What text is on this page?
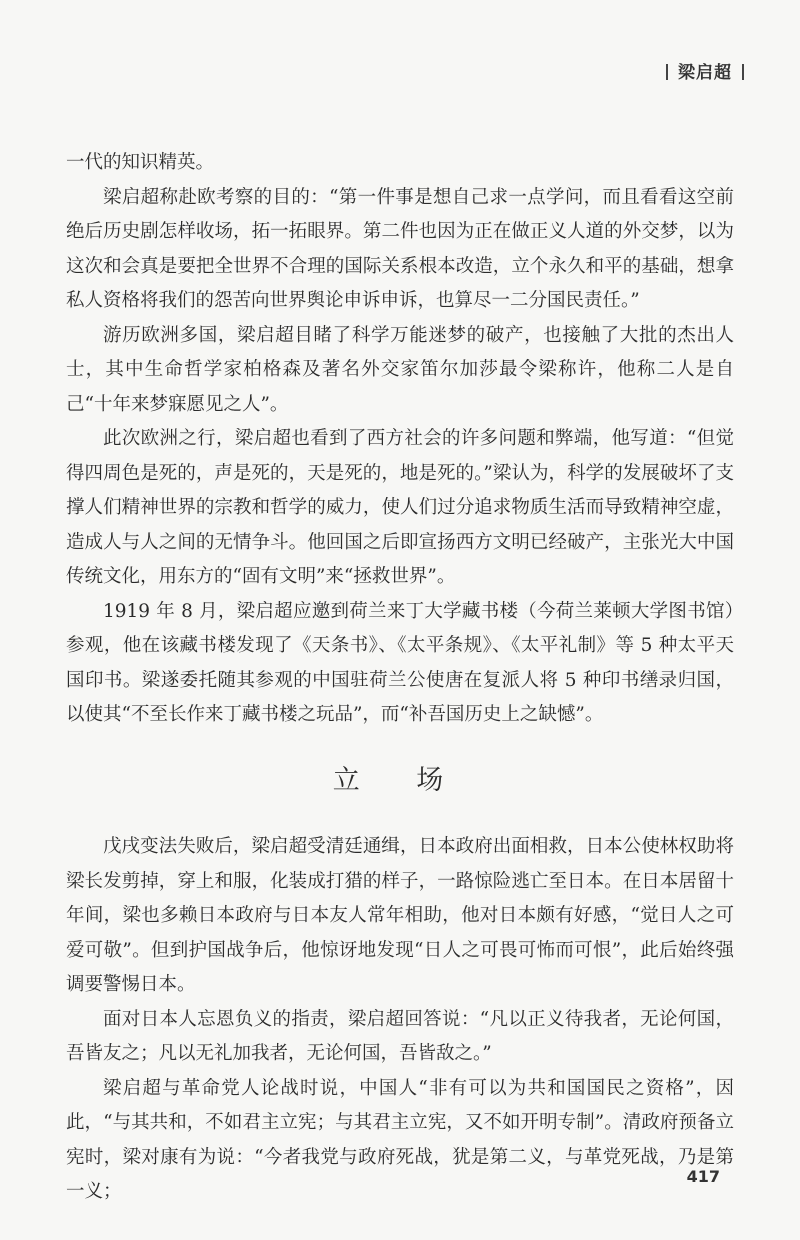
梁启超

一代的知识精英。

梁启超称赴欧考察的目的：“第一件事是想自己求一点学问，而且看看这空前绝后历史剧怎样收场，拓一拓眼界。第二件也因为正在做正义人道的外交梦，以为这次和会真是要把全世界不合理的国际关系根本改造，立个永久和平的基础，想拿私人资格将我们的怨苦向世界舆论申诉申诉，也算尽一二分国民责任。”

游历欧洲多国，梁启超目睹了科学万能迷梦的破产，也接触了大批的杰出人士，其中生命哲学家柏格森及著名外交家笛尔加莎最令梁称许，他称二人是自己“十年来梦寐愿见之人”。

此次欧洲之行，梁启超也看到了西方社会的许多问题和弊端，他写道：“但觉得四周色是死的，声是死的，天是死的，地是死的。”梁认为，科学的发展破坏了支撑人们精神世界的宗教和哲学的威力，使人们过分追求物质生活而导致精神空虚，造成人与人之间的无情争斗。他回国之后即宣扬西方文明已经破产，主张光大中国传统文化，用东方的“固有文明”来“拯救世界”。

1919 年 8 月，梁启超应邀到荷兰来丁大学藏书楼（今荷兰莱顿大学图书馆）参观，他在该藏书楼发现了《天条书》、《太平条规》、《太平礼制》等 5 种太平天国印书。梁遂委托随其参观的中国驻荷兰公使唐在复派人将 5 种印书缮录归国，以使其“不至长作来丁藏书楼之玩品”，而“补吾国历史上之缺憾”。

立 场

戊戌变法失败后，梁启超受清廷通缉，日本政府出面相救，日本公使林权助将梁长发剪掉，穿上和服，化装成打猎的样子，一路惊险逃亡至日本。在日本居留十年间，梁也多赖日本政府与日本友人常年相助，他对日本颇有好感，“觉日人之可爱可敬”。但到护国战争后，他惊讶地发现“日人之可畏可怖而可恨”，此后始终强调要警惕日本。

面对日本人忘恩负义的指责，梁启超回答说：“凡以正义待我者，无论何国，吾皆友之；凡以无礼加我者，无论何国，吾皆敌之。”

梁启超与革命党人论战时说，中国人“非有可以为共和国国民之资格”，因此，“与其共和，不如君主立宪；与其君主立宪，又不如开明专制”。清政府预备立宪时，梁对康有为说：“今者我党与政府死战，犹是第二义，与革党死战，乃是第一义；

417
